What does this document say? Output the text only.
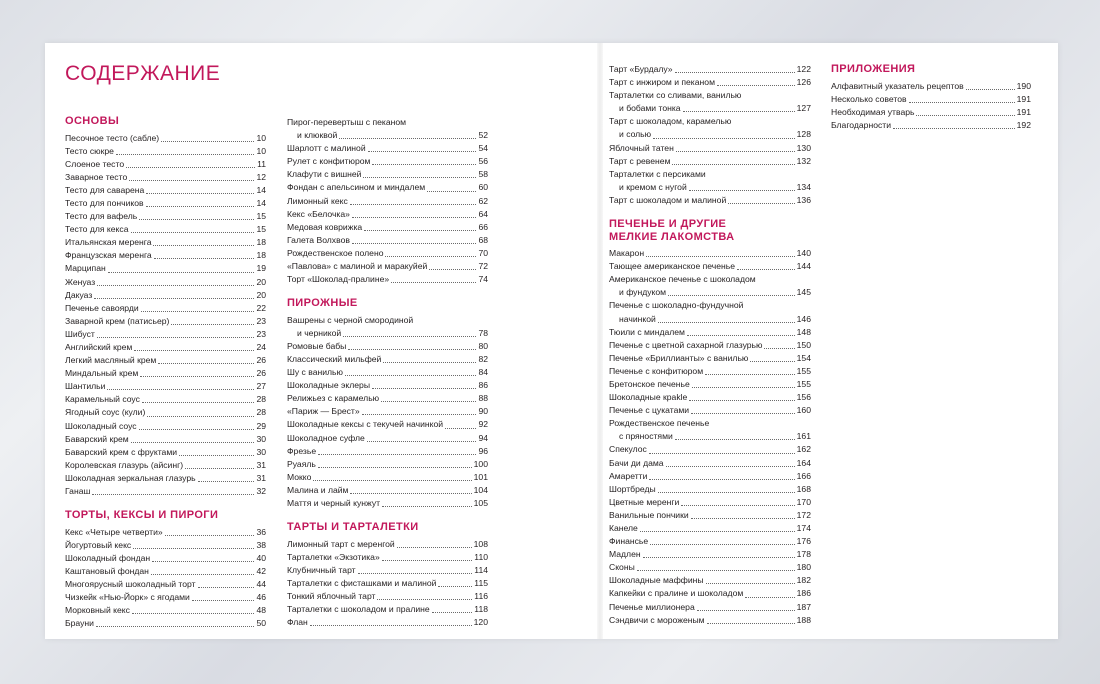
СОДЕРЖАНИЕ
ОСНОВЫ
Песочное тесто (сабле)	10
Тесто сюкре	10
Слоеное тесто	11
Заварное тесто	12
Тесто для саварена	14
Тесто для пончиков	14
Тесто для вафель	15
Тесто для кекса	15
Итальянская меренга	18
Французская меренга	18
Марципан	19
Женуаз	20
Дакуаз	20
Печенье савоярди	22
Заварной крем (патисьер)	23
Шибуст	23
Английский крем	24
Легкий масляный крем	26
Миндальный крем	26
Шантильи	27
Карамельный соус	28
Ягодный соус (кули)	28
Шоколадный соус	29
Баварский крем	30
Баварский крем с фруктами	30
Королевская глазурь (айсинг)	31
Шоколадная зеркальная глазурь	31
Ганаш	32
ТОРТЫ, КЕКСЫ И ПИРОГИ
Кекс «Четыре четверти»	36
Йогуртовый кекс	38
Шоколадный фондан	40
Каштановый фондан	42
Многоярусный шоколадный торт	44
Чизкейк «Нью-Йорк» с ягодами	46
Морковный кекс	48
Брауни	50
Пирог-перевертыш с пеканом
и клюквой	52
Шарлотт с малиной	54
Рулет с конфитюром	56
Клафути с вишней	58
Фондан с апельсином и миндалем	60
Лимонный кекс	62
Кекс «Белочка»	64
Медовая коврижка	66
Галета Волхвов	68
Рождественское полено	70
«Павлова» с малиной и маракуйей	72
Торт «Шоколад-пралине»	74
ПИРОЖНЫЕ
Вашрены с черной смородиной
и черникой	78
Ромовые бабы	80
Классический мильфей	82
Шу с ванилью	84
Шоколадные эклеры	86
Релижьез с карамелью	88
«Париж — Брест»	90
Шоколадные кексы с текучей начинкой	92
Шоколадное суфле	94
Фрезье	96
Руаяль	100
Мокко	101
Малина и лайм	104
Маття и черный кунжут	105
ТАРТЫ И ТАРТАЛЕТКИ
Лимонный тарт с меренгой	108
Тарталетки «Экзотика»	110
Клубничный тарт	114
Тарталетки с фисташками и малиной	115
Тонкий яблочный тарт	116
Тарталетки с шоколадом и пралине	118
Флан	120
Тарт «Бурдалу»	122
Тарт с инжиром и пеканом	126
Тарталетки со сливами, ванилью
и бобами тонка	127
Тарт с шоколадом, карамелью
и солью	128
Яблочный татен	130
Тарт с ревенем	132
Тарталетки с персиками
и кремом с нугой	134
Тарт с шоколадом и малиной	136
ПЕЧЕНЬЕ И ДРУГИЕ
МЕЛКИЕ ЛАКОМСТВА
Макарон	140
Тающее американское печенье	144
Американское печенье с шоколадом
и фундуком	145
Печенье с шоколадно-фундучной
начинкой	146
Тюили с миндалем	148
Печенье с цветной сахарной глазурью	150
Печенье «Бриллианты» с ванилью	154
Печенье с конфитюром	155
Бретонское печенье	155
Шоколадные крakle	156
Печенье с цукатами	160
Рождественское печенье
с пряностями	161
Спекулос	162
Бачи ди дама	164
Амаретти	166
Шортбреды	168
Цветные меренги	170
Ванильные пончики	172
Канеле	174
Финансье	176
Мадлен	178
Сконы	180
Шоколадные маффины	182
Капкейки с пралине и шоколадом	186
Печенье миллионера	187
Сэндвичи с мороженым	188
ПРИЛОЖЕНИЯ
Алфавитный указатель рецептов	190
Несколько советов	191
Необходимая утварь	191
Благодарности	192
